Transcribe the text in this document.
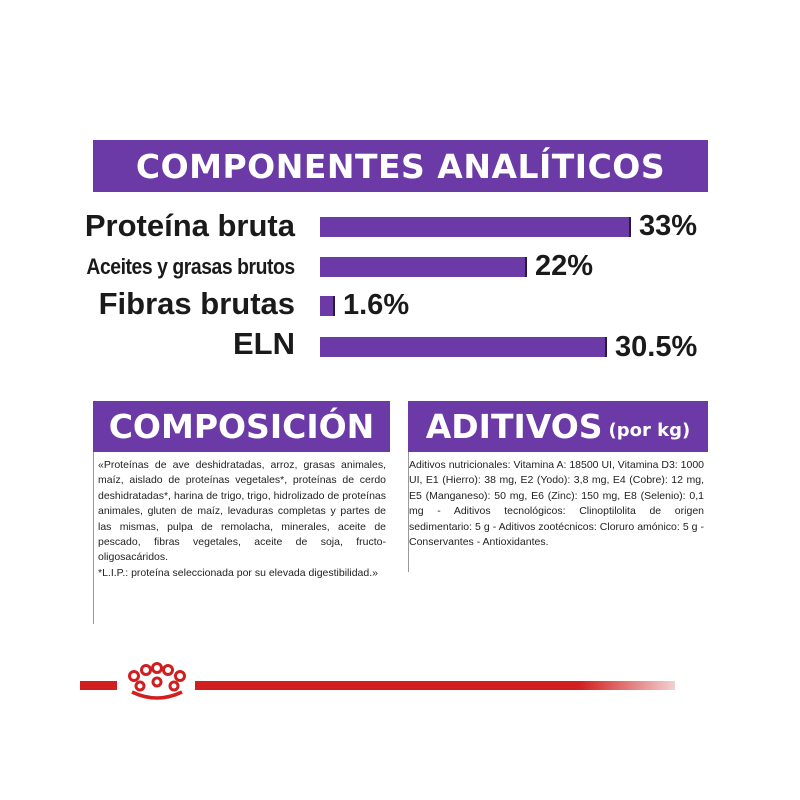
COMPONENTES ANALÍTICOS
Proteína bruta	33%
Aceites y grasas brutos	22%
Fibras brutas 1.6%
ELN	30.5%
COMPOSICIÓN
«Proteínas de ave deshidratadas, arroz, grasas animales, maíz, aislado de proteínas vegetales*, proteínas de cerdo deshidratadas*, harina de trigo, trigo, hidrolizado de proteínas animales, gluten de maíz, levaduras completas y partes de las mismas, pulpa de remolacha, minerales, aceite de pescado, fibras vegetales, aceite de soja, fructo-oligosacáridos.
*L.I.P.: proteína seleccionada por su elevada digestibilidad.»
ADITIVOS (por kg)
Aditivos nutricionales: Vitamina A: 18500 UI, Vitamina D3: 1000 UI, E1 (Hierro): 38 mg, E2 (Yodo): 3,8 mg, E4 (Cobre): 12 mg, E5 (Manganeso): 50 mg, E6 (Zinc): 150 mg, E8 (Selenio): 0,1 mg - Aditivos tecnológicos: Clinoptilolita de origen sedimentario: 5 g - Aditivos zootécnicos: Cloruro amónico: 5 g - Conservantes - Antioxidantes.
